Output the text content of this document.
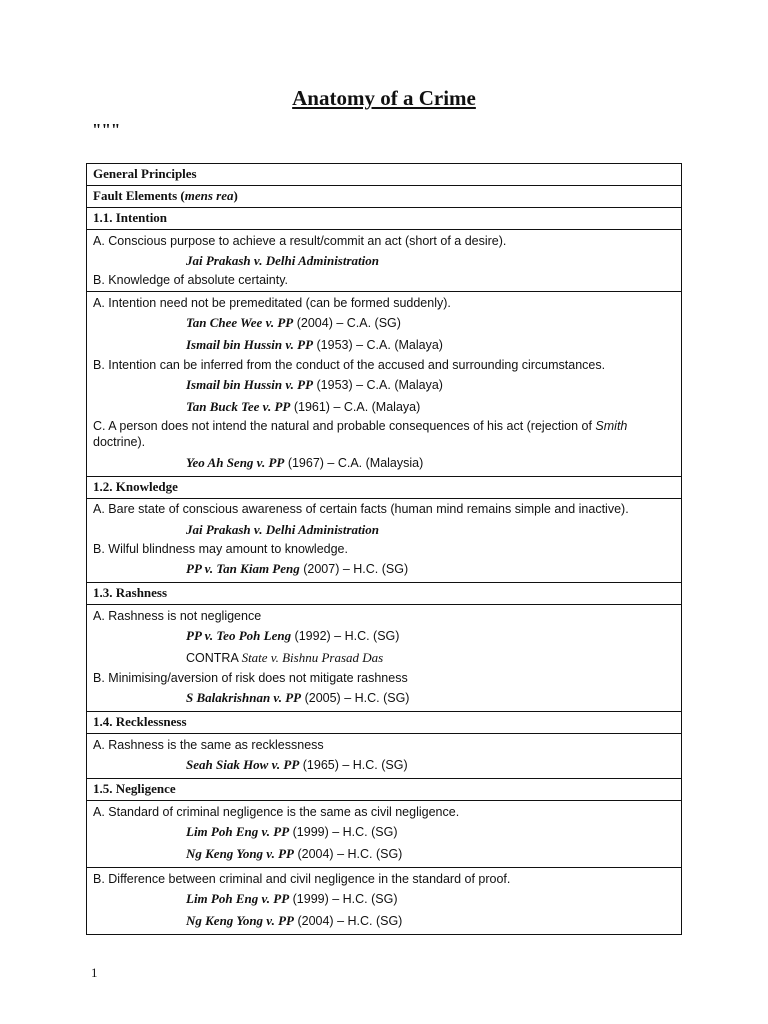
Anatomy of a Crime
"""
General Principles
Fault Elements (mens rea)
1.1. Intention

A. Conscious purpose to achieve a result/commit an act (short of a desire).
Jai Prakash v. Delhi Administration
B. Knowledge of absolute certainty.

A. Intention need not be premeditated (can be formed suddenly).
Tan Chee Wee v. PP (2004) – C.A. (SG)
Ismail bin Hussin v. PP (1953) – C.A. (Malaya)
B. Intention can be inferred from the conduct of the accused and surrounding circumstances.
Ismail bin Hussin v. PP (1953) – C.A. (Malaya)
Tan Buck Tee v. PP (1961) – C.A. (Malaya)
C. A person does not intend the natural and probable consequences of his act (rejection of Smith doctrine).
Yeo Ah Seng v. PP (1967) – C.A. (Malaysia)

1.2. Knowledge

A. Bare state of conscious awareness of certain facts (human mind remains simple and inactive).
Jai Prakash v. Delhi Administration
B. Wilful blindness may amount to knowledge.
PP v. Tan Kiam Peng (2007) – H.C. (SG)

1.3. Rashness

A. Rashness is not negligence
PP v. Teo Poh Leng (1992) – H.C. (SG)
CONTRA State v. Bishnu Prasad Das
B. Minimising/aversion of risk does not mitigate rashness
S Balakrishnan v. PP (2005) – H.C. (SG)

1.4. Recklessness

A. Rashness is the same as recklessness
Seah Siak How v. PP (1965) – H.C. (SG)

1.5. Negligence

A. Standard of criminal negligence is the same as civil negligence.
Lim Poh Eng v. PP (1999) – H.C. (SG)
Ng Keng Yong v. PP (2004) – H.C. (SG)

B. Difference between criminal and civil negligence in the standard of proof.
Lim Poh Eng v. PP (1999) – H.C. (SG)
Ng Keng Yong v. PP (2004) – H.C. (SG)
1
